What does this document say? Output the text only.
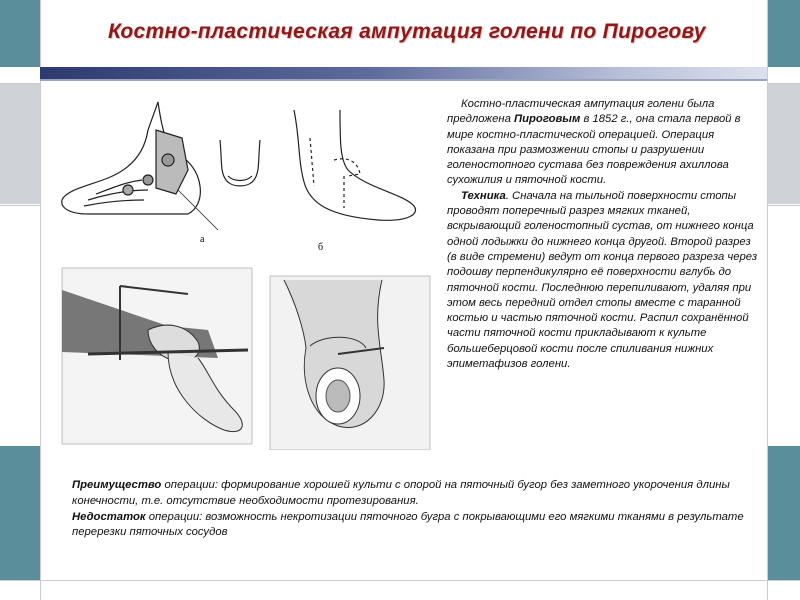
Костно-пластическая ампутация голени по Пирогову
а
б

Костно-пластическая ампутация голени была предложена Пироговым в 1852 г., она стала первой в мире костно-пластической операцией. Операция показана при размозжении стопы и разрушении голеностопного сустава без повреждения ахиллова сухожилия и пяточной кости.

Техника. Сначала на тыльной поверхности стопы проводят поперечный разрез мягких тканей, вскрывающий голеностопный сустав, от нижнего конца одной лодыжки до нижнего конца другой. Второй разрез (в виде стремени) ведут от конца первого разреза через подошву перпендикулярно её поверхности вглубь до пяточной кости. Последнюю перепиливают, удаляя при этом весь передний отдел стопы вместе с таранной костью и частью пяточной кости. Распил сохранённой части пяточной кости прикладывают к культе большеберцовой кости после спиливания нижних эпиметафизов голени.

Преимущество операции: формирование хорошей культи с опорой на пяточный бугор без заметного укорочения длины конечности, т.е. отсутствие необходимости протезирования.

Недостаток операции: возможность некротизации пяточного бугра с покрывающими его мягкими тканями в результате перерезки пяточных сосудов
